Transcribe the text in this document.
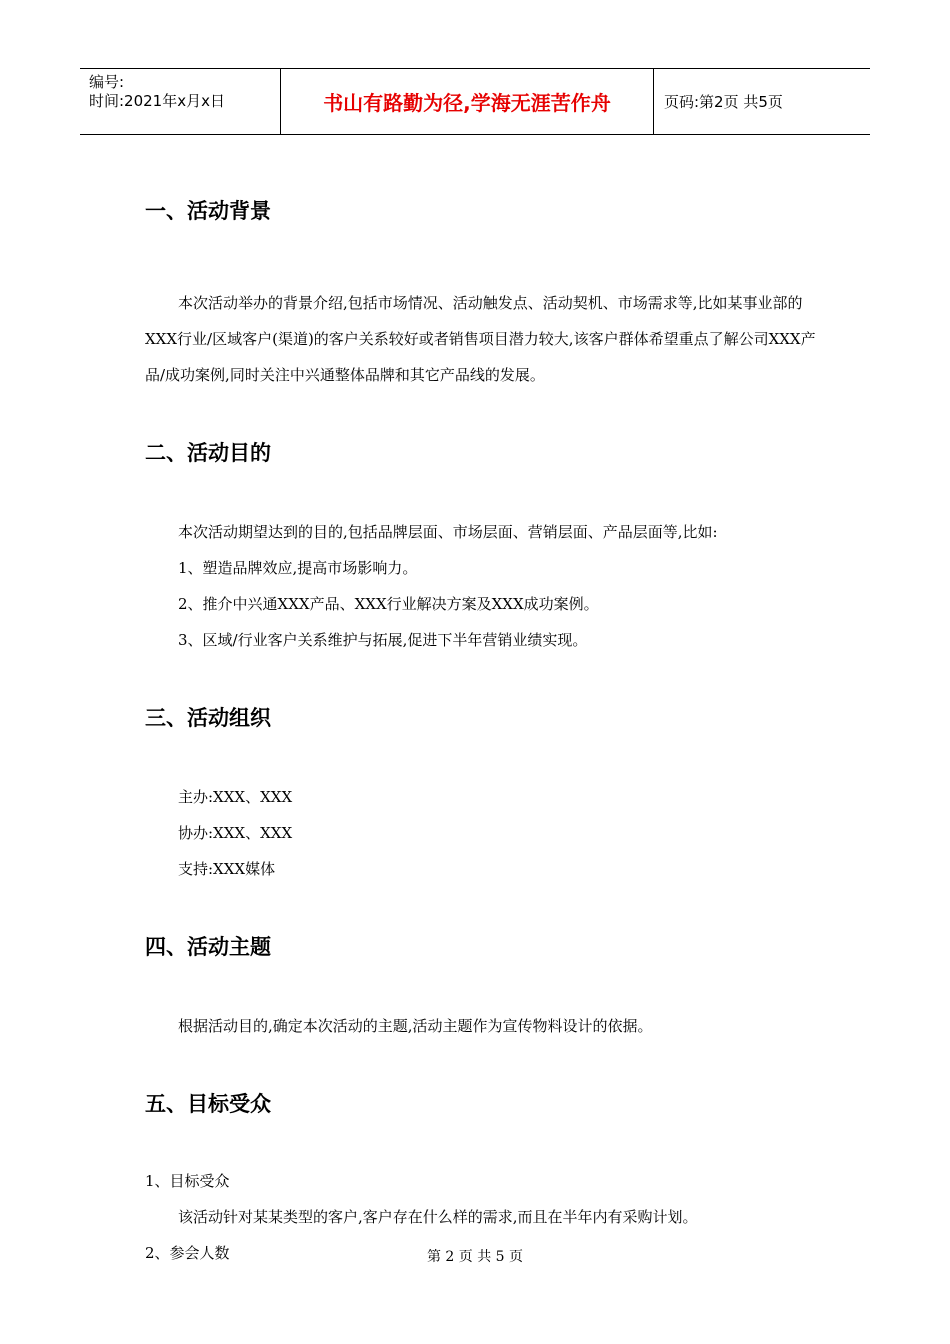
编号:
时间:2021年x月x日	书山有路勤为径,学海无涯苦作舟	页码:第2页 共5页
一、活动背景

本次活动举办的背景介绍,包括市场情况、活动触发点、活动契机、市场需求等,比如某事业部的XXX行业/区域客户(渠道)的客户关系较好或者销售项目潜力较大,该客户群体希望重点了解公司XXX产品/成功案例,同时关注中兴通整体品牌和其它产品线的发展。

二、活动目的

本次活动期望达到的目的,包括品牌层面、市场层面、营销层面、产品层面等,比如:

1、塑造品牌效应,提高市场影响力。

2、推介中兴通XXX产品、XXX行业解决方案及XXX成功案例。

3、区域/行业客户关系维护与拓展,促进下半年营销业绩实现。

三、活动组织

主办:XXX、XXX

协办:XXX、XXX

支持:XXX媒体

四、活动主题

根据活动目的,确定本次活动的主题,活动主题作为宣传物料设计的依据。

五、目标受众

1、目标受众

该活动针对某某类型的客户,客户存在什么样的需求,而且在半年内有采购计划。

2、参会人数	第 2 页 共 5 页
